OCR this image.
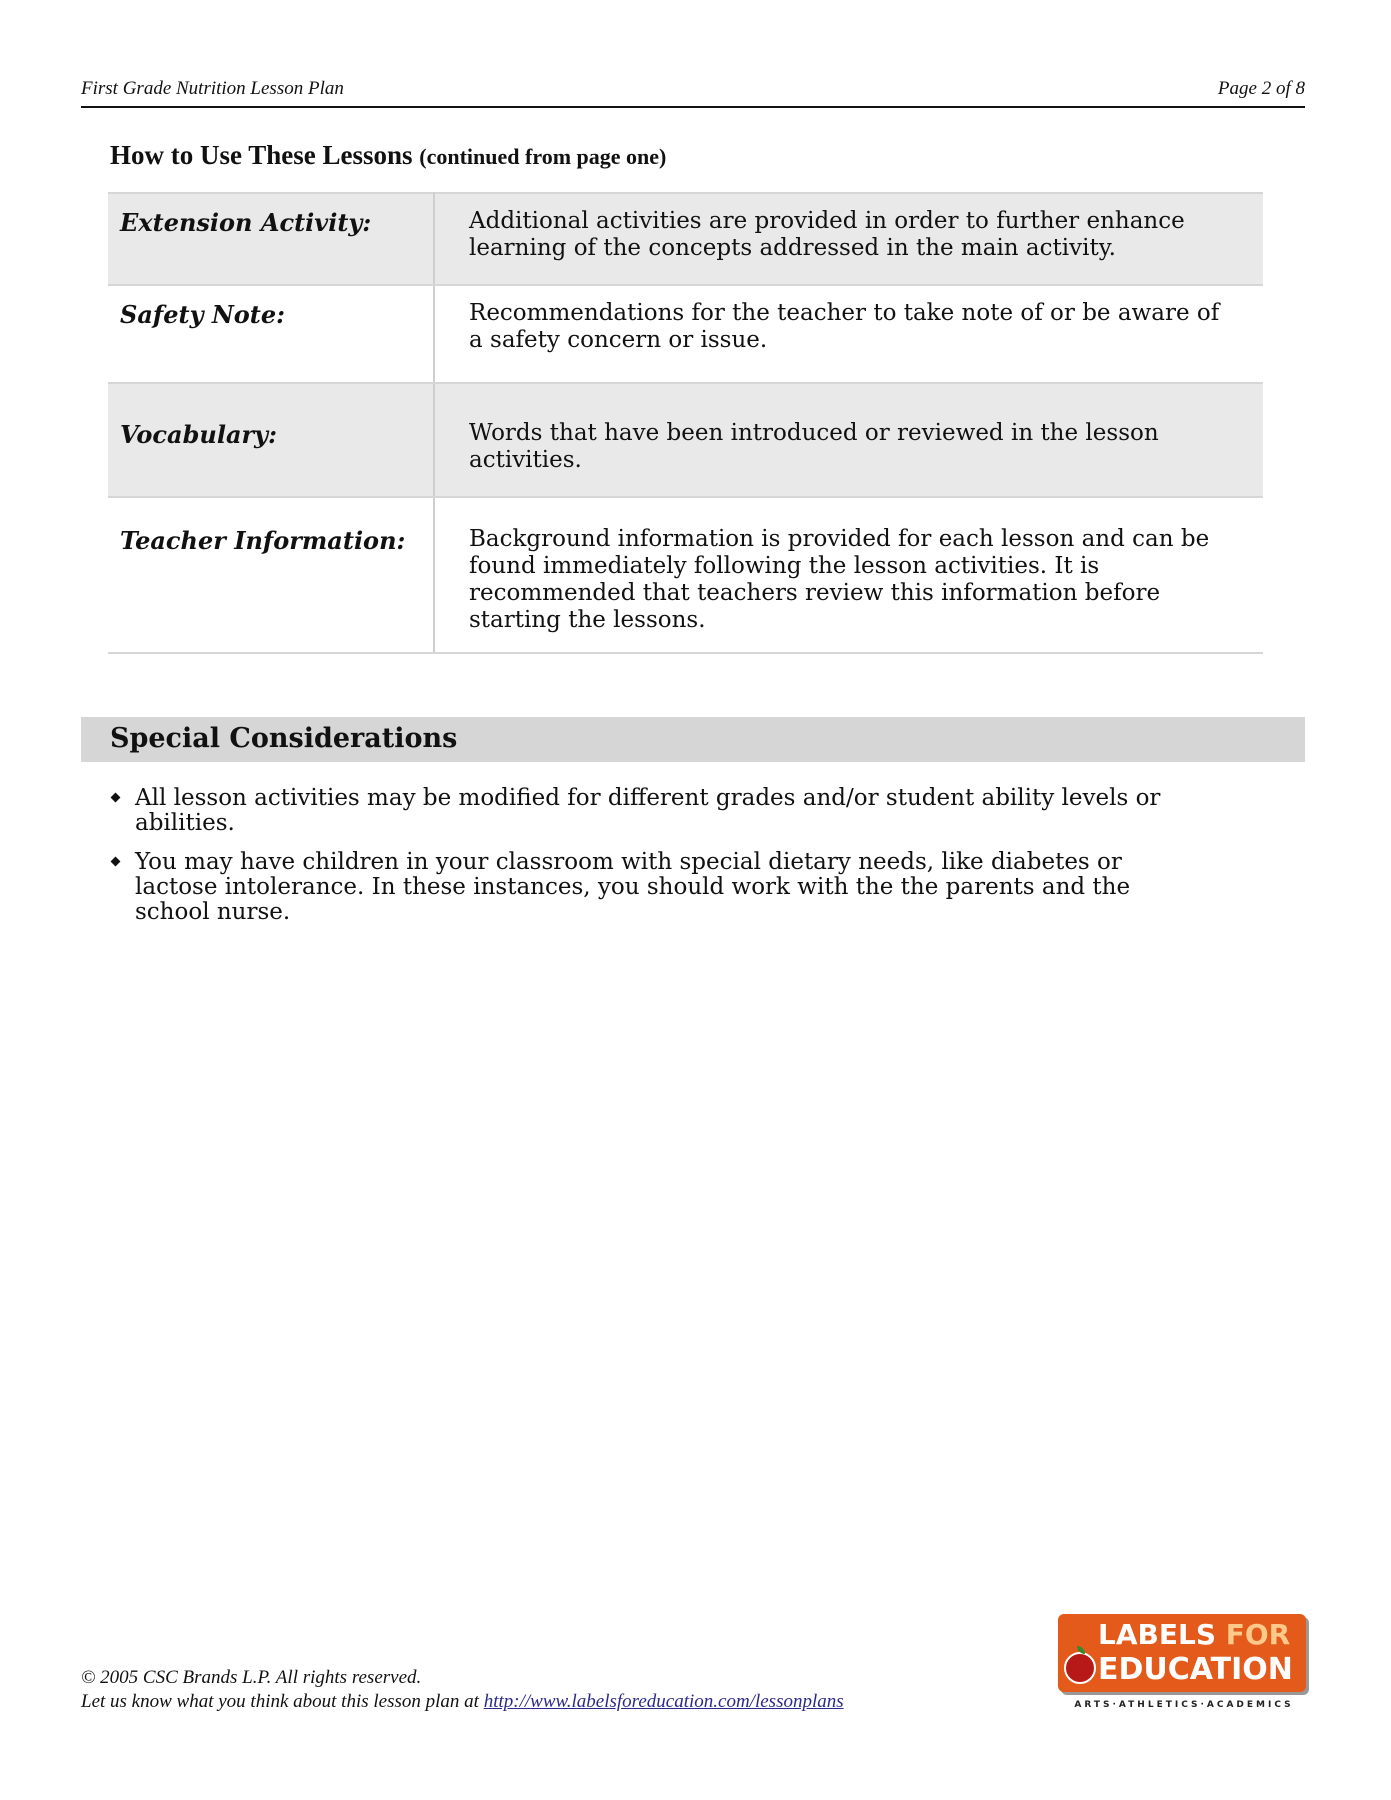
First Grade Nutrition Lesson Plan	Page 2 of 8
How to Use These Lessons (continued from page one)
Extension Activity:	Additional activities are provided in order to further enhance learning of the concepts addressed in the main activity.
Safety Note:	Recommendations for the teacher to take note of or be aware of a safety concern or issue.
Vocabulary:	Words that have been introduced or reviewed in the lesson activities.
Teacher Information:	Background information is provided for each lesson and can be found immediately following the lesson activities. It is recommended that teachers review this information before starting the lessons.
Special Considerations
All lesson activities may be modified for different grades and/or student ability levels or abilities.
You may have children in your classroom with special dietary needs, like diabetes or lactose intolerance. In these instances, you should work with the the parents and the school nurse.
© 2005 CSC Brands L.P. All rights reserved.
Let us know what you think about this lesson plan at http://www.labelsforeducation.com/lessonplans
LABELS FOR
EDUCATION
ARTS·ATHLETICS·ACADEMICS
